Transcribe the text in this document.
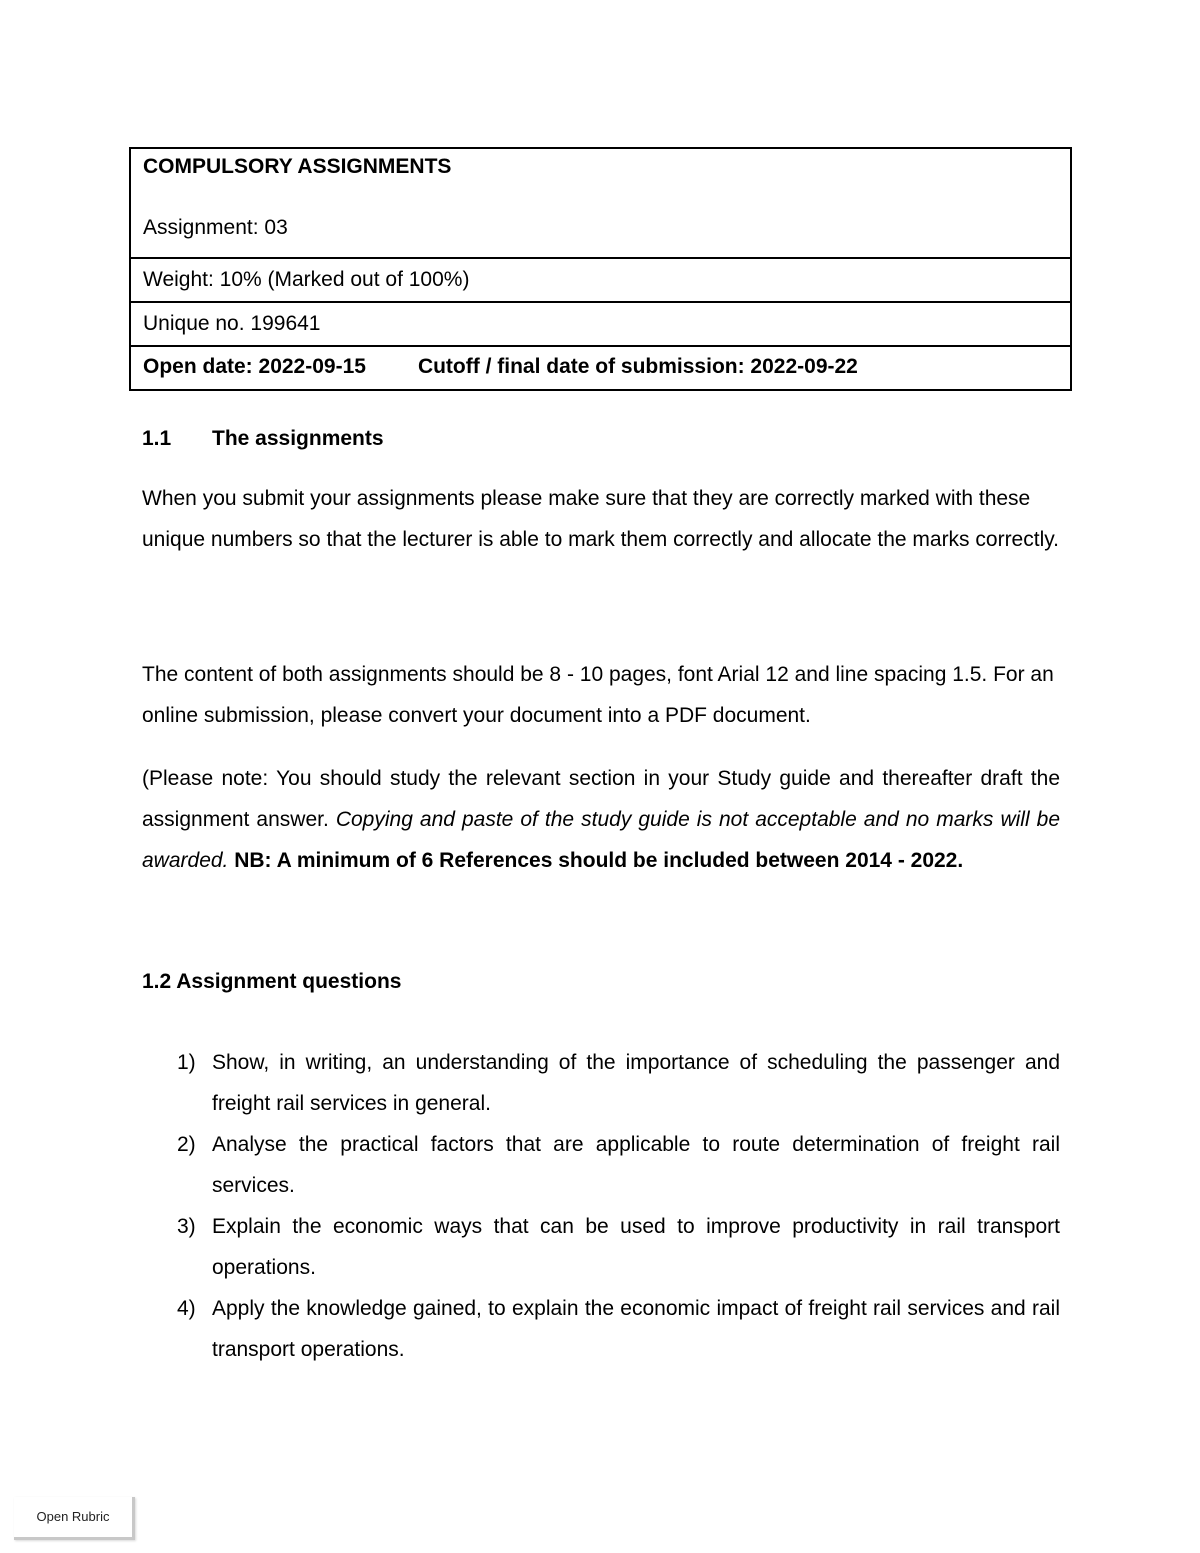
COMPULSORY ASSIGNMENTS

Assignment: 03

Weight: 10% (Marked out of 100%)
Unique no. 199641
Open date: 2022-09-15 Cutoff / final date of submission: 2022-09-22

1.1 The assignments

When you submit your assignments please make sure that they are correctly marked with these unique numbers so that the lecturer is able to mark them correctly and allocate the marks correctly.

The content of both assignments should be 8 - 10 pages, font Arial 12 and line spacing 1.5. For an online submission, please convert your document into a PDF document.

(Please note: You should study the relevant section in your Study guide and thereafter draft the assignment answer. Copying and paste of the study guide is not acceptable and no marks will be awarded. NB: A minimum of 6 References should be included between 2014 - 2022.

1.2 Assignment questions

1) Show, in writing, an understanding of the importance of scheduling the passenger and freight rail services in general.
2) Analyse the practical factors that are applicable to route determination of freight rail services.
3) Explain the economic ways that can be used to improve productivity in rail transport operations.
4) Apply the knowledge gained, to explain the economic impact of freight rail services and rail transport operations.
Open Rubric
